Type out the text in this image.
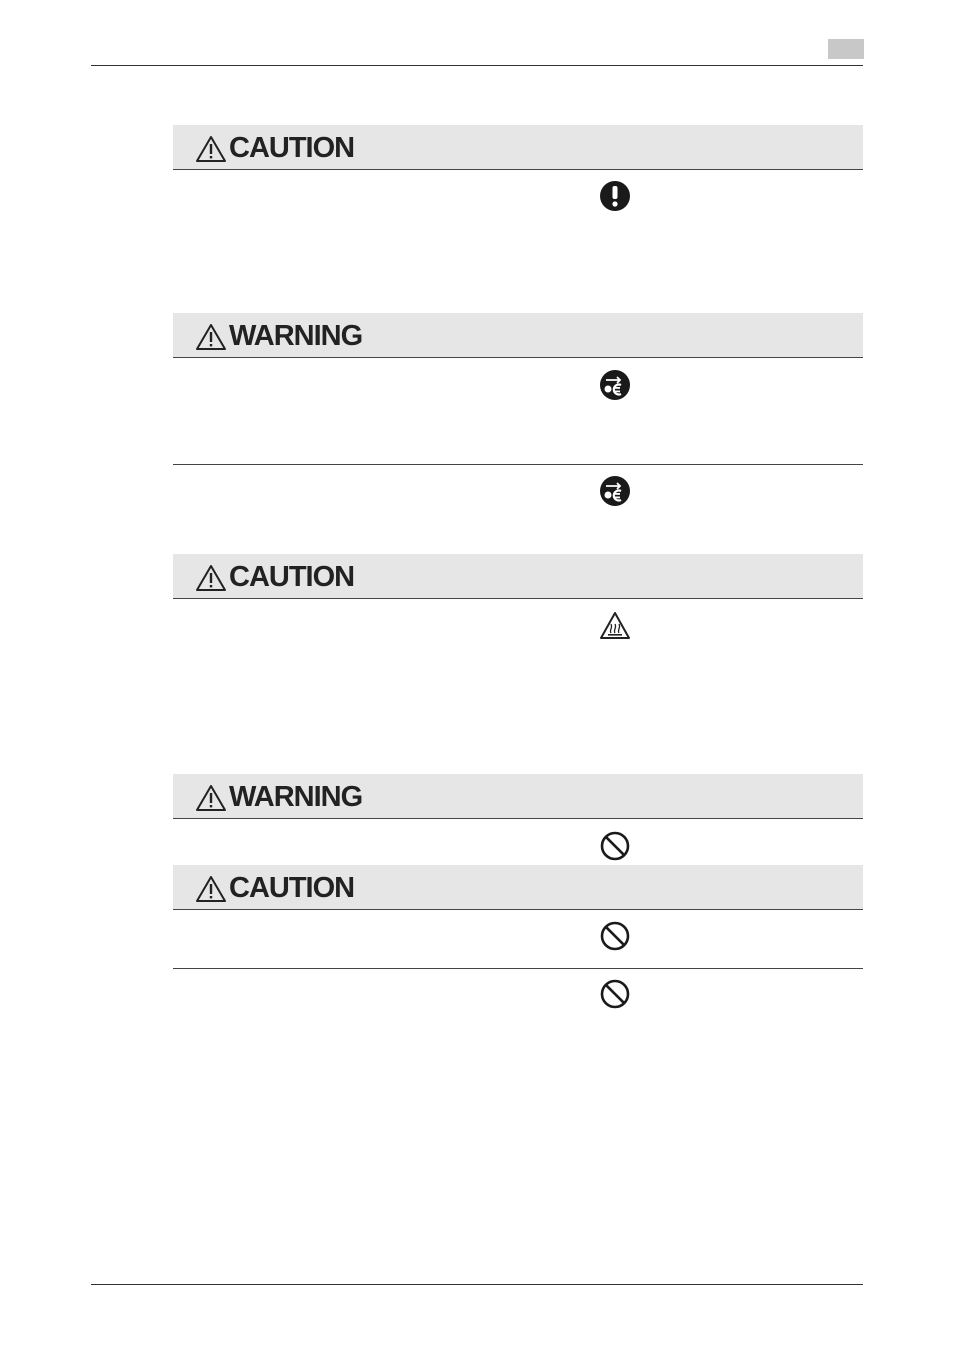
CAUTION
WARNING
CAUTION
WARNING
CAUTION
